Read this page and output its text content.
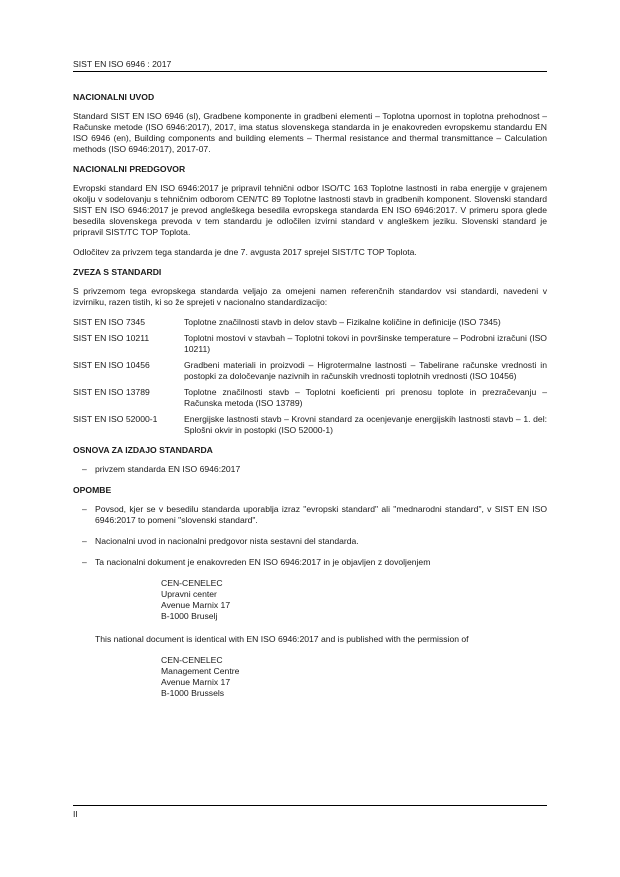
SIST EN ISO 6946 : 2017
NACIONALNI UVOD

Standard SIST EN ISO 6946 (sl), Gradbene komponente in gradbeni elementi – Toplotna upornost in toplotna prehodnost – Računske metode (ISO 6946:2017), 2017, ima status slovenskega standarda in je enakovreden evropskemu standardu EN ISO 6946 (en), Building components and building elements – Thermal resistance and thermal transmittance – Calculation methods (ISO 6946:2017), 2017-07.

NACIONALNI PREDGOVOR

Evropski standard EN ISO 6946:2017 je pripravil tehnični odbor ISO/TC 163 Toplotne lastnosti in raba energije v grajenem okolju v sodelovanju s tehničnim odborom CEN/TC 89 Toplotne lastnosti stavb in gradbenih komponent. Slovenski standard SIST EN ISO 6946:2017 je prevod angleškega besedila evropskega standarda EN ISO 6946:2017. V primeru spora glede besedila slovenskega prevoda v tem standardu je odločilen izvirni standard v angleškem jeziku. Slovenski standard je pripravil SIST/TC TOP Toplota.

Odločitev za privzem tega standarda je dne 7. avgusta 2017 sprejel SIST/TC TOP Toplota.

ZVEZA S STANDARDI

S privzemom tega evropskega standarda veljajo za omejeni namen referenčnih standardov vsi standardi, navedeni v izvirniku, razen tistih, ki so že sprejeti v nacionalno standardizacijo:

SIST EN ISO 7345	Toplotne značilnosti stavb in delov stavb – Fizikalne količine in definicije (ISO 7345)
SIST EN ISO 10211	Toplotni mostovi v stavbah – Toplotni tokovi in površinske temperature – Podrobni izračuni (ISO 10211)
SIST EN ISO 10456	Gradbeni materiali in proizvodi – Higrotermalne lastnosti – Tabelirane računske vrednosti in postopki za določevanje nazivnih in računskih vrednosti toplotnih vrednosti (ISO 10456)
SIST EN ISO 13789	Toplotne značilnosti stavb – Toplotni koeficienti pri prenosu toplote in prezračevanju – Računska metoda (ISO 13789)
SIST EN ISO 52000-1	Energijske lastnosti stavb – Krovni standard za ocenjevanje energijskih lastnosti stavb – 1. del: Splošni okvir in postopki (ISO 52000-1)
OSNOVA ZA IZDAJO STANDARDA
– privzem standarda EN ISO 6946:2017
OPOMBE
– Povsod, kjer se v besedilu standarda uporablja izraz "evropski standard" ali "mednarodni standard", v SIST EN ISO 6946:2017 to pomeni "slovenski standard".
– Nacionalni uvod in nacionalni predgovor nista sestavni del standarda.
– Ta nacionalni dokument je enakovreden EN ISO 6946:2017 in je objavljen z dovoljenjem
CEN-CENELEC
Upravni center
Avenue Marnix 17
B-1000 Bruselj

This national document is identical with EN ISO 6946:2017 and is published with the permission of

CEN-CENELEC
Management Centre
Avenue Marnix 17
B-1000 Brussels
II
